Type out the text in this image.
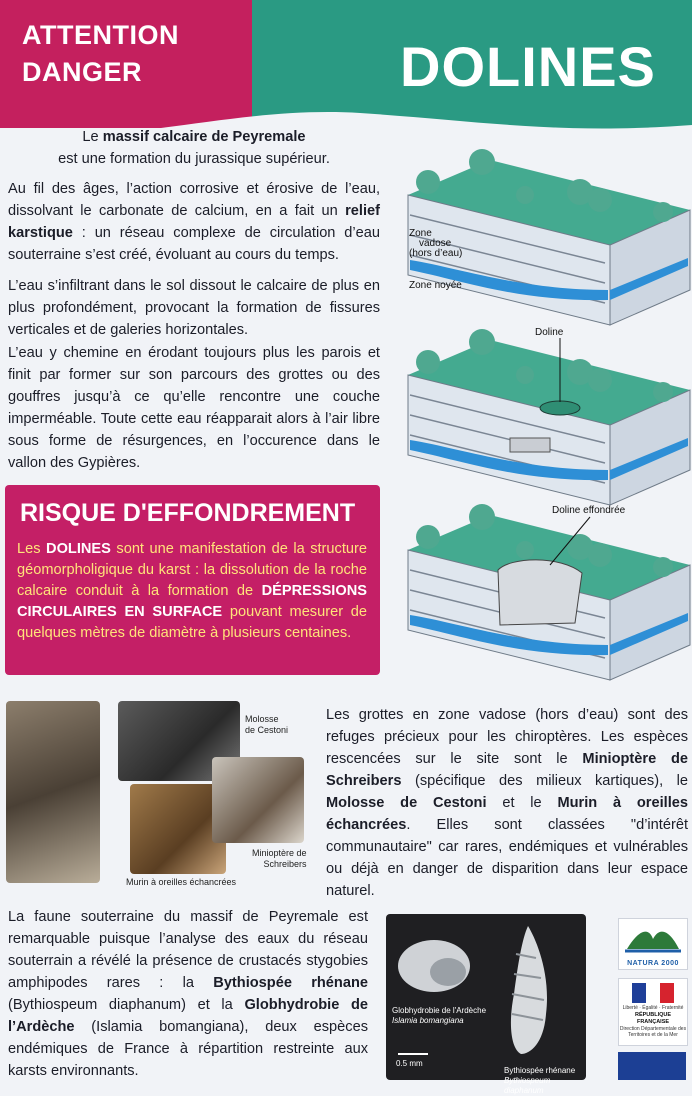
ATTENTION
DANGER	DOLINES
Le massif calcaire de Peyremale
est une formation du jurassique supérieur.
Au fil des âges, l’action corrosive et érosive de l’eau, dissolvant le carbonate de calcium, en a fait un relief karstique : un réseau complexe de circulation d’eau souterraine s’est créé, évoluant au cours du temps.
L’eau s’infiltrant dans le sol dissout le calcaire de plus en plus profondément, provocant la formation de fissures verticales et de galeries horizontales.
L’eau y chemine en érodant toujours plus les parois et finit par former sur son parcours des grottes ou des gouffres jusqu’à ce qu’elle rencontre une couche imperméable. Toute cette eau réapparait alors à l’air libre sous forme de résurgences, en l’occurence dans le vallon des Gypières.
Zone
vadose
(hors d’eau)
Zone noyée
Doline
Doline effondrée
RISQUE D'EFFONDREMENT
Les DOLINES sont une manifestation de la structure géomorpholigique du karst : la dissolution de la roche calcaire conduit à la formation de DÉPRESSIONS CIRCULAIRES EN SURFACE pouvant mesurer de quelques mètres de diamètre à plusieurs centaines.
Molosse
de Cestoni
Minioptère de
Schreibers
Murin à oreilles échancrées
Les grottes en zone vadose (hors d’eau) sont des refuges précieux pour les chiroptères. Les espèces rescencées sur le site sont le Minioptère de Schreibers (spécifique des milieux kartiques), le Molosse de Cestoni et le Murin à oreilles échancrées. Elles sont classées "d’intérêt communautaire" car rares, endémiques et vulnérables ou déjà en danger de disparition dans leur espace naturel.
La faune souterraine du massif de Peyremale est remarquable puisque l’analyse des eaux du réseau souterrain a révélé la présence de crustacés stygobies amphipodes rares : la Bythiospée rhénane (Bythiospeum diaphanum) et la Globhydrobie de l’Ardèche (Islamia bomangiana), deux espèces endémiques de France à répartition restreinte aux karsts environnants.
Globhydrobie de l'Ardèche
Islamia bomangiana
0.5 mm
Bythiospée rhénane
Bythiospeum diaphanum
NATURA 2000
Liberté · Égalité · Fraternité
RÉPUBLIQUE FRANÇAISE
Direction Départementale des Territoires et de la Mer
